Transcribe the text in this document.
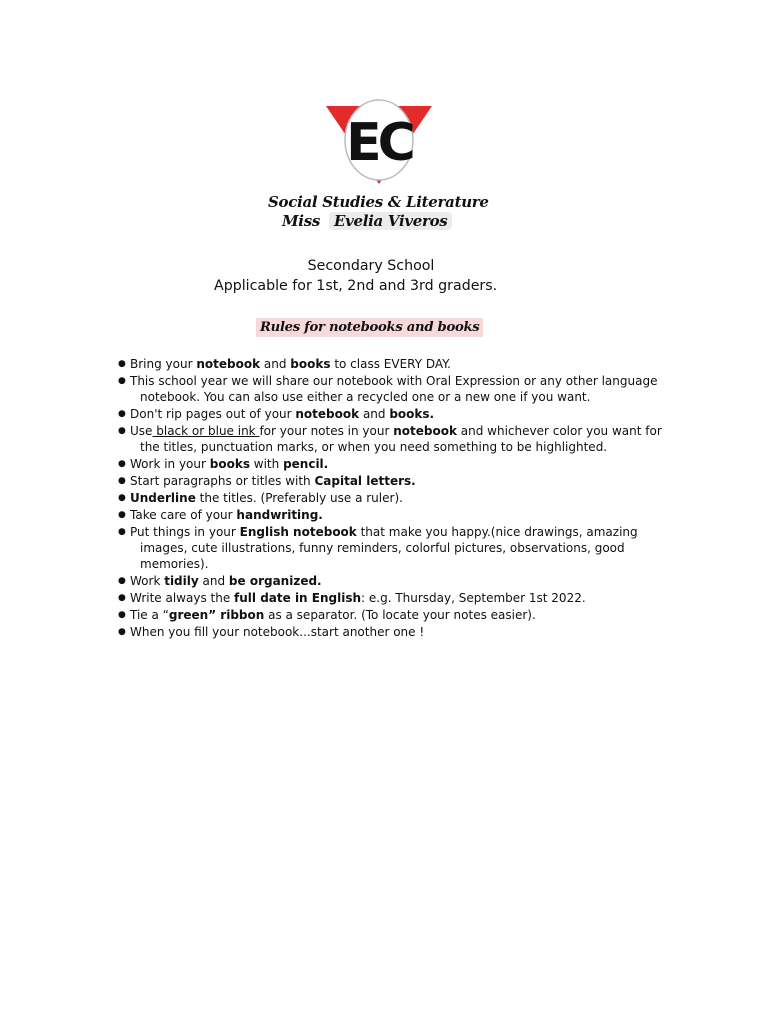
EC
Social Studies & Literature
Miss Evelia Viveros
Secondary School
Applicable for 1st, 2nd and 3rd graders.
Rules for notebooks and books
● Bring your notebook and books to class EVERY DAY.
● This school year we will share our notebook with Oral Expression or any other language
notebook. You can also use either a recycled one or a new one if you want.
● Don't rip pages out of your notebook and books.
● Use black or blue ink for your notes in your notebook and whichever color you want for
the titles, punctuation marks, or when you need something to be highlighted.
● Work in your books with pencil.
● Start paragraphs or titles with Capital letters.
● Underline the titles. (Preferably use a ruler).
● Take care of your handwriting.
● Put things in your English notebook that make you happy.(nice drawings, amazing
images, cute illustrations, funny reminders, colorful pictures, observations, good
memories).
● Work tidily and be organized.
● Write always the full date in English: e.g. Thursday, September 1st 2022.
● Tie a “green” ribbon as a separator. (To locate your notes easier).
● When you fill your notebook...start another one !
